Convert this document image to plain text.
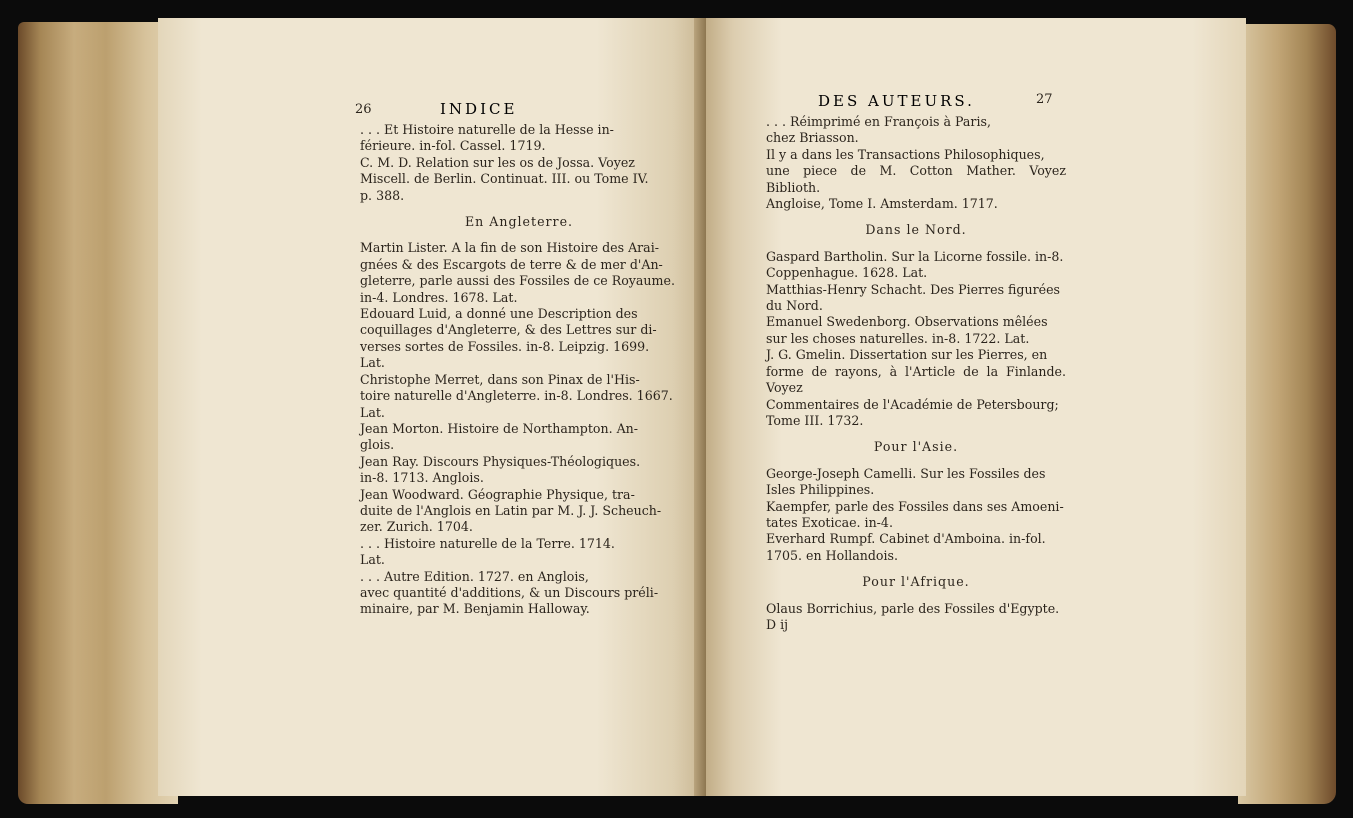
26	INDICE

. . . Et Histoire naturelle de la Hesse in-

férieure. in-fol. Cassel. 1719.

C. M. D. Relation sur les os de Jossa. Voyez

Miscell. de Berlin. Continuat. III. ou Tome IV.

p. 388.

En Angleterre.

Martin Lister. A la fin de son Histoire des Arai-

gnées & des Escargots de terre & de mer d'An-

gleterre, parle aussi des Fossiles de ce Royaume.

in-4. Londres. 1678. Lat.

Edouard Luid, a donné une Description des

coquillages d'Angleterre, & des Lettres sur di-

verses sortes de Fossiles. in-8. Leipzig. 1699.

Lat.

Christophe Merret, dans son Pinax de l'His-

toire naturelle d'Angleterre. in-8. Londres. 1667.

Lat.

Jean Morton. Histoire de Northampton. An-

glois.

Jean Ray. Discours Physiques-Théologiques.

in-8. 1713. Anglois.

Jean Woodward. Géographie Physique, tra-

duite de l'Anglois en Latin par M. J. J. Scheuch-

zer. Zurich. 1704.

. . . Histoire naturelle de la Terre. 1714.

Lat.

. . . Autre Edition. 1727. en Anglois,

avec quantité d'additions, & un Discours préli-

minaire, par M. Benjamin Halloway.

DES AUTEURS.	27

. . . Réimprimé en François à Paris,

chez Briasson.

Il y a dans les Transactions Philosophiques,

une piece de M. Cotton Mather. Voyez Biblioth.

Angloise, Tome I. Amsterdam. 1717.

Dans le Nord.

Gaspard Bartholin. Sur la Licorne fossile. in-8.

Coppenhague. 1628. Lat.

Matthias-Henry Schacht. Des Pierres figurées

du Nord.

Emanuel Swedenborg. Observations mêlées

sur les choses naturelles. in-8. 1722. Lat.

J. G. Gmelin. Dissertation sur les Pierres, en

forme de rayons, à l'Article de la Finlande. Voyez

Commentaires de l'Académie de Petersbourg;

Tome III. 1732.

Pour l'Asie.

George-Joseph Camelli. Sur les Fossiles des

Isles Philippines.

Kaempfer, parle des Fossiles dans ses Amoeni-

tates Exoticae. in-4.

Everhard Rumpf. Cabinet d'Amboina. in-fol.

1705. en Hollandois.

Pour l'Afrique.

Olaus Borrichius, parle des Fossiles d'Egypte.

D ij
